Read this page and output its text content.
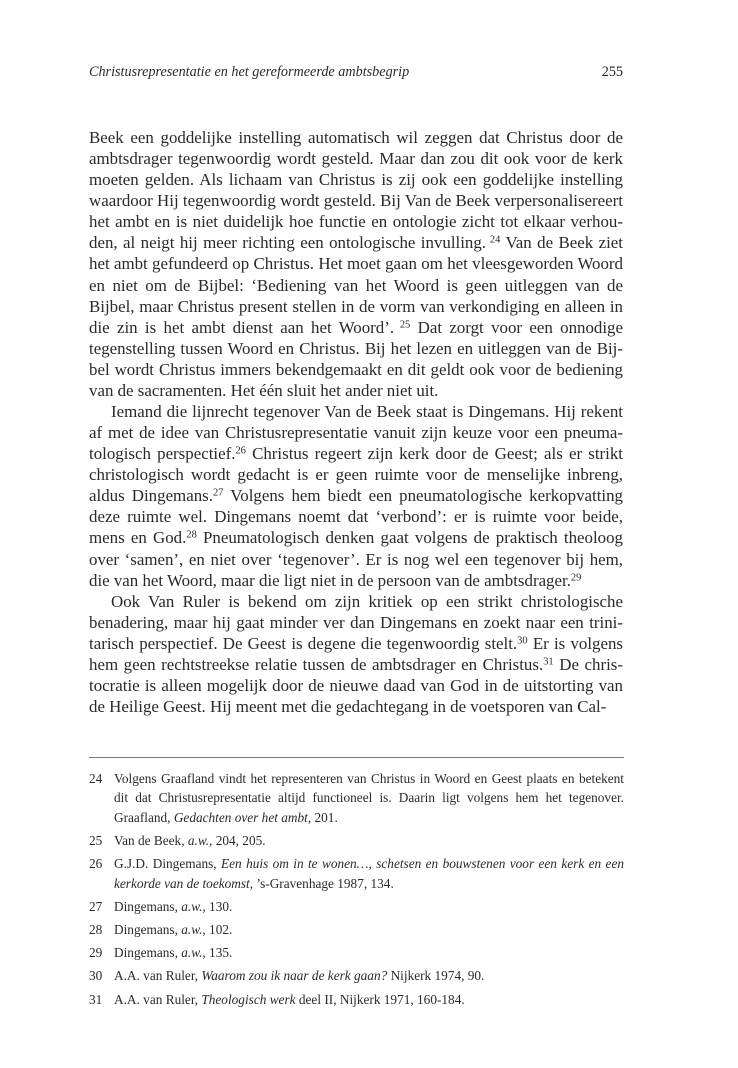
Christusrepresentatie en het gereformeerde ambtsbegrip	255

Beek een goddelijke instelling automatisch wil zeggen dat Christus door de ambtsdrager tegenwoordig wordt gesteld. Maar dan zou dit ook voor de kerk moeten gelden. Als lichaam van Christus is zij ook een goddelijke instelling waardoor Hij tegenwoordig wordt gesteld. Bij Van de Beek verpersonalisereert het ambt en is niet duidelijk hoe functie en ontologie zicht tot elkaar verhouden, al neigt hij meer richting een ontologische invulling. $^{24}$ Van de Beek ziet het ambt gefundeerd op Christus. Het moet gaan om het vleesgeworden Woord en niet om de Bijbel: ‘Bediening van het Woord is geen uitleggen van de Bijbel, maar Christus present stellen in de vorm van verkondiging en alleen in die zin is het ambt dienst aan het Woord’. $^{25}$ Dat zorgt voor een onnodige tegenstelling tussen Woord en Christus. Bij het lezen en uitleggen van de Bijbel wordt Christus immers bekendgemaakt en dit geldt ook voor de bediening van de sacramenten. Het één sluit het ander niet uit.

Iemand die lijnrecht tegenover Van de Beek staat is Dingemans. Hij rekent af met de idee van Christusrepresentatie vanuit zijn keuze voor een pneumatologisch perspectief.$^{26}$ Christus regeert zijn kerk door de Geest; als er strikt christologisch wordt gedacht is er geen ruimte voor de menselijke inbreng, aldus Dingemans.$^{27}$ Volgens hem biedt een pneumatologische kerkopvatting deze ruimte wel. Dingemans noemt dat ‘verbond’: er is ruimte voor beide, mens en God.$^{28}$ Pneumatologisch denken gaat volgens de praktisch theoloog over ‘samen’, en niet over ‘tegenover’. Er is nog wel een tegenover bij hem, die van het Woord, maar die ligt niet in de persoon van de ambtsdrager.$^{29}$

Ook Van Ruler is bekend om zijn kritiek op een strikt christologische benadering, maar hij gaat minder ver dan Dingemans en zoekt naar een trinitarisch perspectief. De Geest is degene die tegenwoordig stelt.$^{30}$ Er is volgens hem geen rechtstreekse relatie tussen de ambtsdrager en Christus.$^{31}$ De christocratie is alleen mogelijk door de nieuwe daad van God in de uitstorting van de Heilige Geest. Hij meent met die gedachtegang in de voetsporen van Cal-

24 Volgens Graafland vindt het representeren van Christus in Woord en Geest plaats en betekent dit dat Christusrepresentatie altijd functioneel is. Daarin ligt volgens hem het tegenover. Graafland, Gedachten over het ambt, 201.
25 Van de Beek, a.w., 204, 205.
26 G.J.D. Dingemans, Een huis om in te wonen…, schetsen en bouwstenen voor een kerk en een kerkorde van de toekomst, ’s-Gravenhage 1987, 134.
27 Dingemans, a.w., 130.
28 Dingemans, a.w., 102.
29 Dingemans, a.w., 135.
30 A.A. van Ruler, Waarom zou ik naar de kerk gaan? Nijkerk 1974, 90.
31 A.A. van Ruler, Theologisch werk deel II, Nijkerk 1971, 160-184.
